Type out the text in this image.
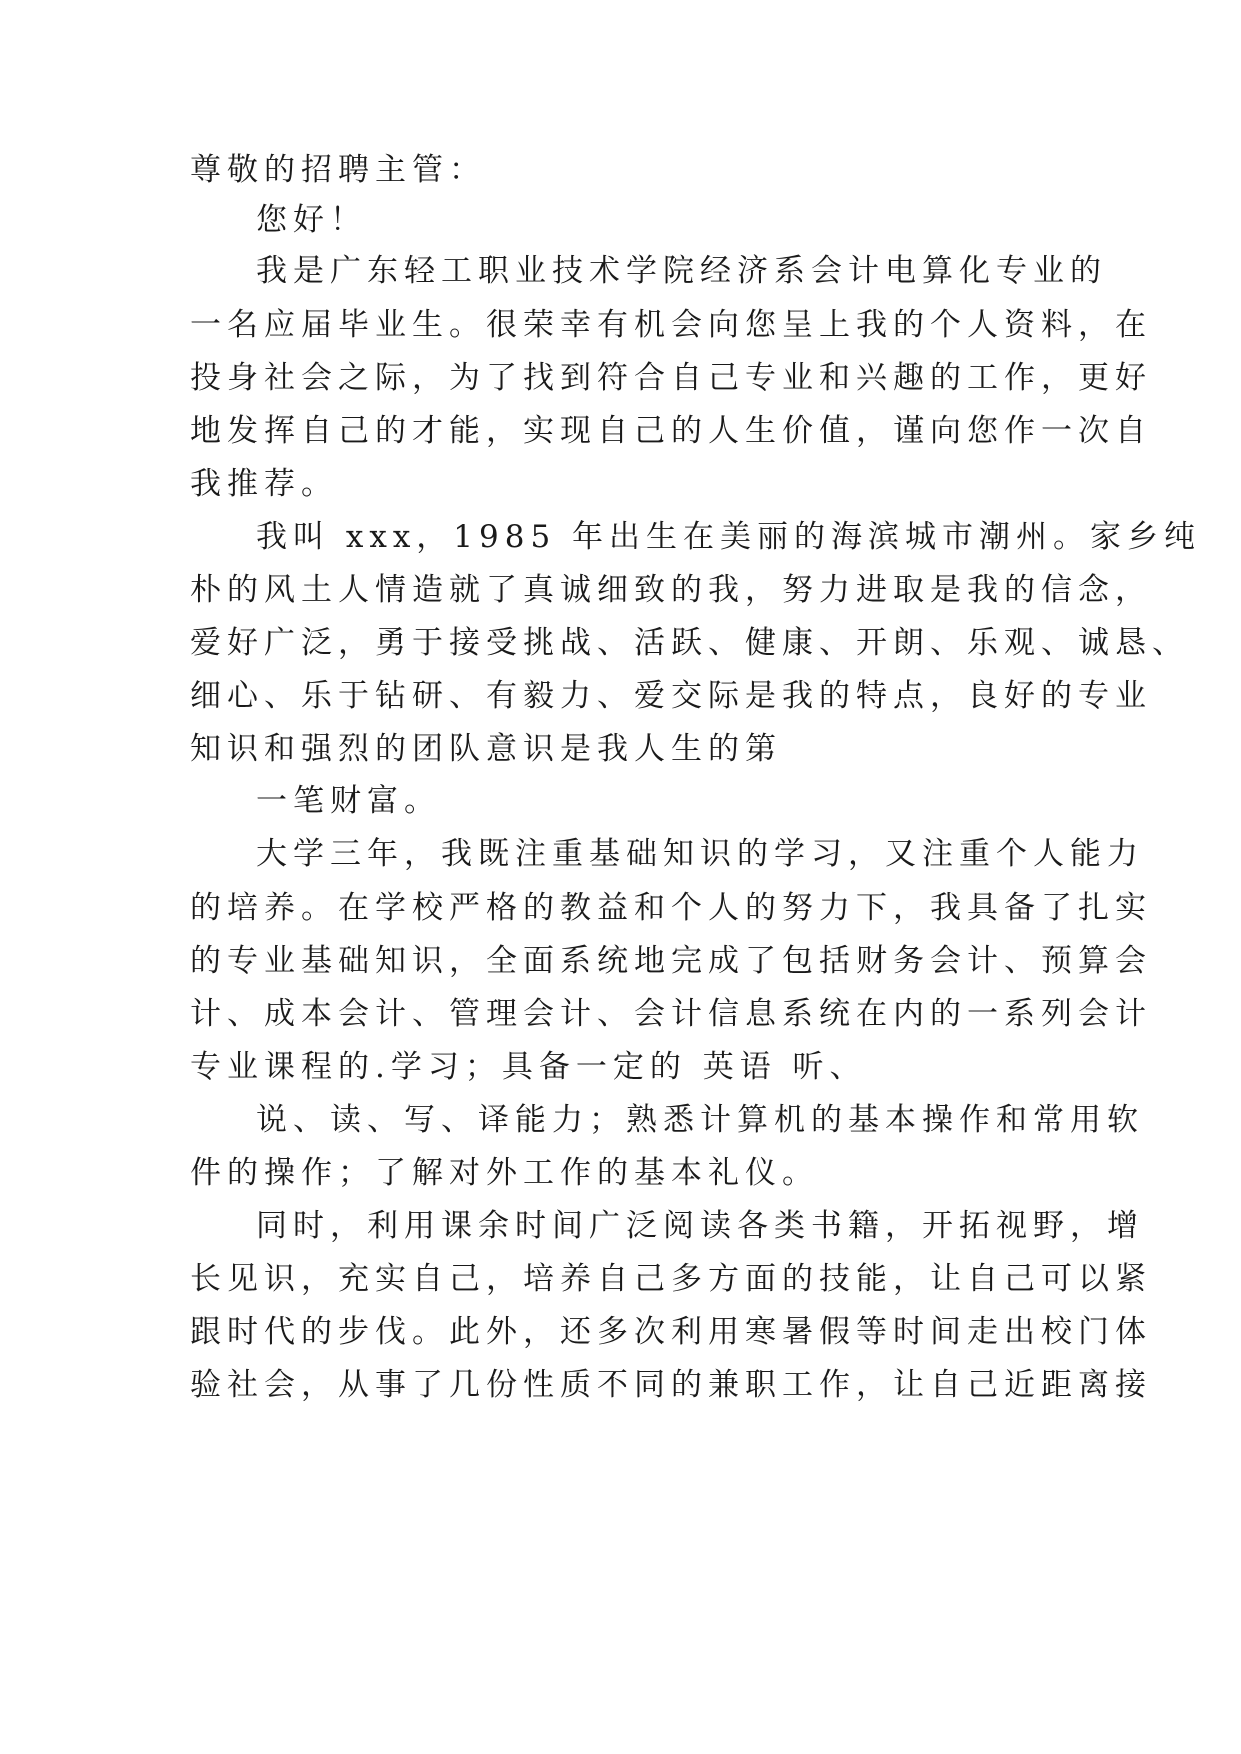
尊敬的招聘主管：
您好！
我是广东轻工职业技术学院经济系会计电算化专业的
一名应届毕业生。很荣幸有机会向您呈上我的个人资料，在
投身社会之际，为了找到符合自己专业和兴趣的工作，更好
地发挥自己的才能，实现自己的人生价值，谨向您作一次自
我推荐。
我叫 xxx，1985 年出生在美丽的海滨城市潮州。家乡纯
朴的风土人情造就了真诚细致的我，努力进取是我的信念，
爱好广泛，勇于接受挑战、活跃、健康、开朗、乐观、诚恳、
细心、乐于钻研、有毅力、爱交际是我的特点，良好的专业
知识和强烈的团队意识是我人生的第
一笔财富。
大学三年，我既注重基础知识的学习，又注重个人能力
的培养。在学校严格的教益和个人的努力下，我具备了扎实
的专业基础知识，全面系统地完成了包括财务会计、预算会
计、成本会计、管理会计、会计信息系统在内的一系列会计
专业课程的.学习；具备一定的 英语 听、
说、读、写、译能力；熟悉计算机的基本操作和常用软
件的操作；了解对外工作的基本礼仪。
同时，利用课余时间广泛阅读各类书籍，开拓视野，增
长见识，充实自己，培养自己多方面的技能，让自己可以紧
跟时代的步伐。此外，还多次利用寒暑假等时间走出校门体
验社会，从事了几份性质不同的兼职工作，让自己近距离接
